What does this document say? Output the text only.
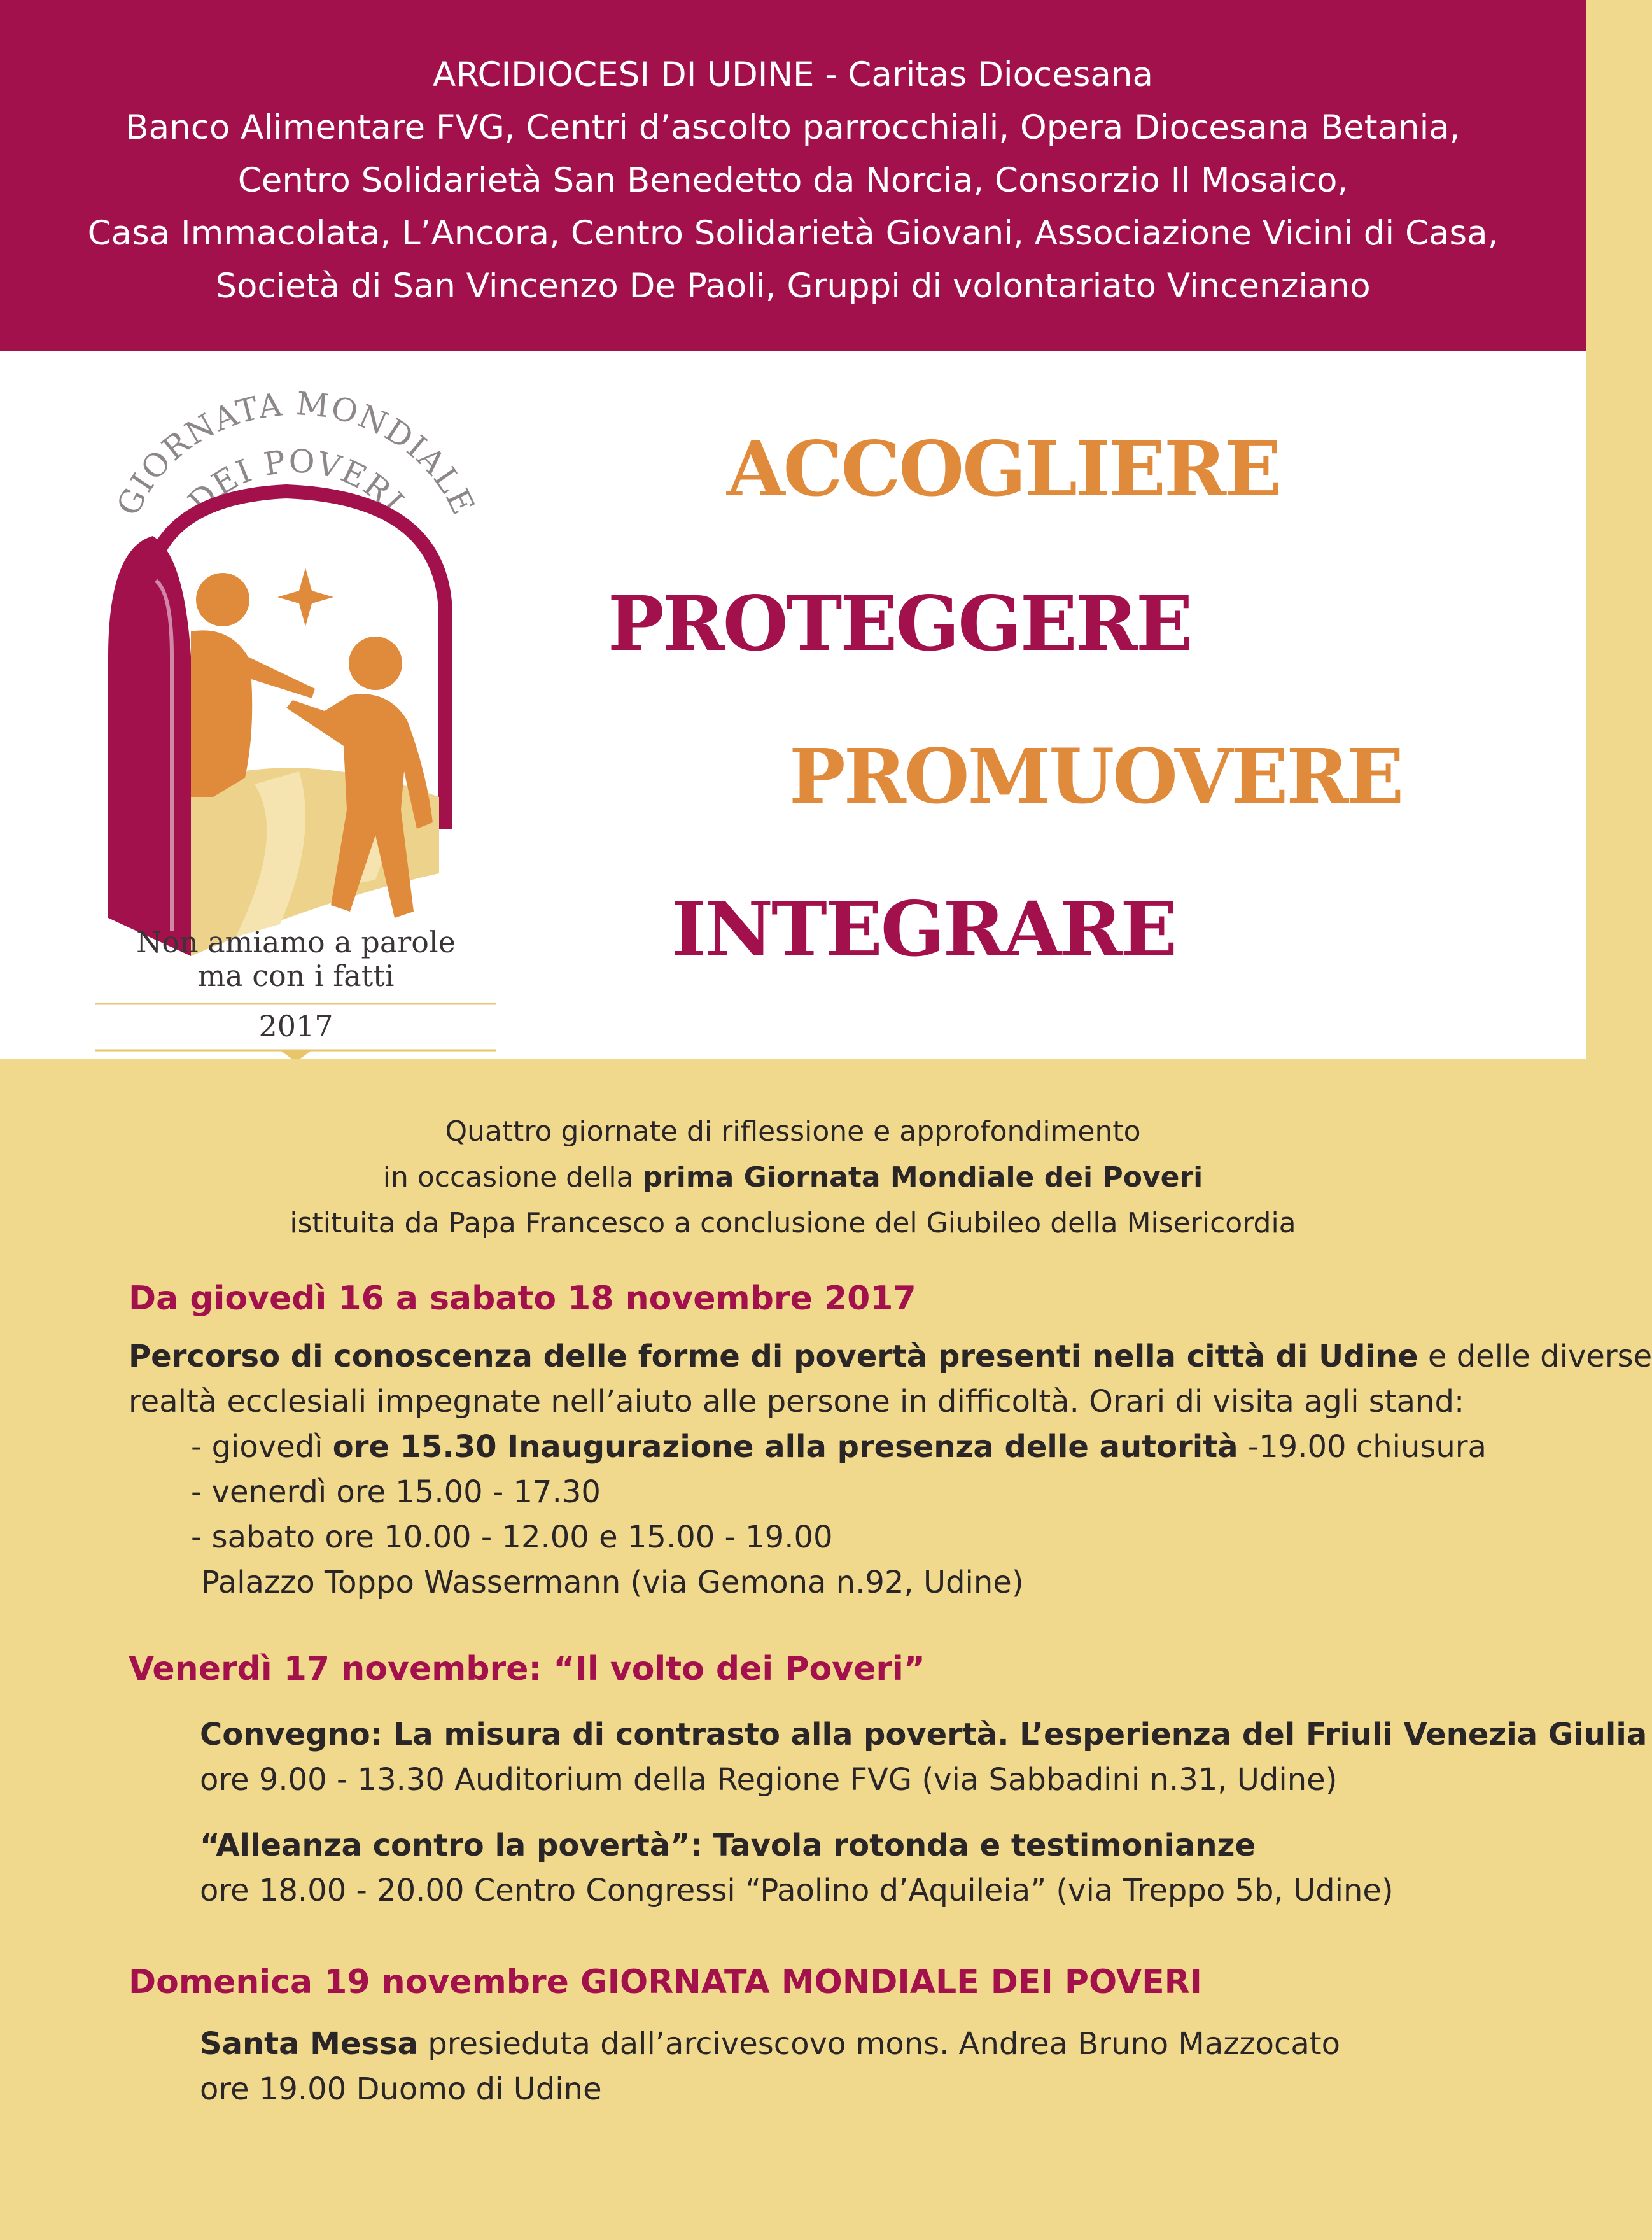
ARCIDIOCESI DI UDINE - Caritas Diocesana
Banco Alimentare FVG, Centri d’ascolto parrocchiali, Opera Diocesana Betania,
Centro Solidarietà San Benedetto da Norcia, Consorzio Il Mosaico,
Casa Immacolata, L’Ancora, Centro Solidarietà Giovani, Associazione Vicini di Casa,
Società di San Vincenzo De Paoli, Gruppi di volontariato Vincenziano
GIORNATA MONDIALE
DEI POVERI
Non amiamo a parole
ma con i fatti
2017
ACCOGLIERE
PROTEGGERE
PROMUOVERE
INTEGRARE
Quattro giornate di riflessione e approfondimento
in occasione della prima Giornata Mondiale dei Poveri
istituita da Papa Francesco a conclusione del Giubileo della Misericordia
Da giovedì 16 a sabato 18 novembre 2017
Percorso di conoscenza delle forme di povertà presenti nella città di Udine e delle diverse
realtà ecclesiali impegnate nell’aiuto alle persone in difficoltà. Orari di visita agli stand:
- giovedì ore 15.30 Inaugurazione alla presenza delle autorità -19.00 chiusura
- venerdì ore 15.00 - 17.30
- sabato ore 10.00 - 12.00 e 15.00 - 19.00
Palazzo Toppo Wassermann (via Gemona n.92, Udine)
Venerdì 17 novembre: “Il volto dei Poveri”
Convegno: La misura di contrasto alla povertà. L’esperienza del Friuli Venezia Giulia
ore 9.00 - 13.30 Auditorium della Regione FVG (via Sabbadini n.31, Udine)
“Alleanza contro la povertà”: Tavola rotonda e testimonianze
ore 18.00 - 20.00 Centro Congressi “Paolino d’Aquileia” (via Treppo 5b, Udine)
Domenica 19 novembre GIORNATA MONDIALE DEI POVERI
Santa Messa presieduta dall’arcivescovo mons. Andrea Bruno Mazzocato
ore 19.00 Duomo di Udine
